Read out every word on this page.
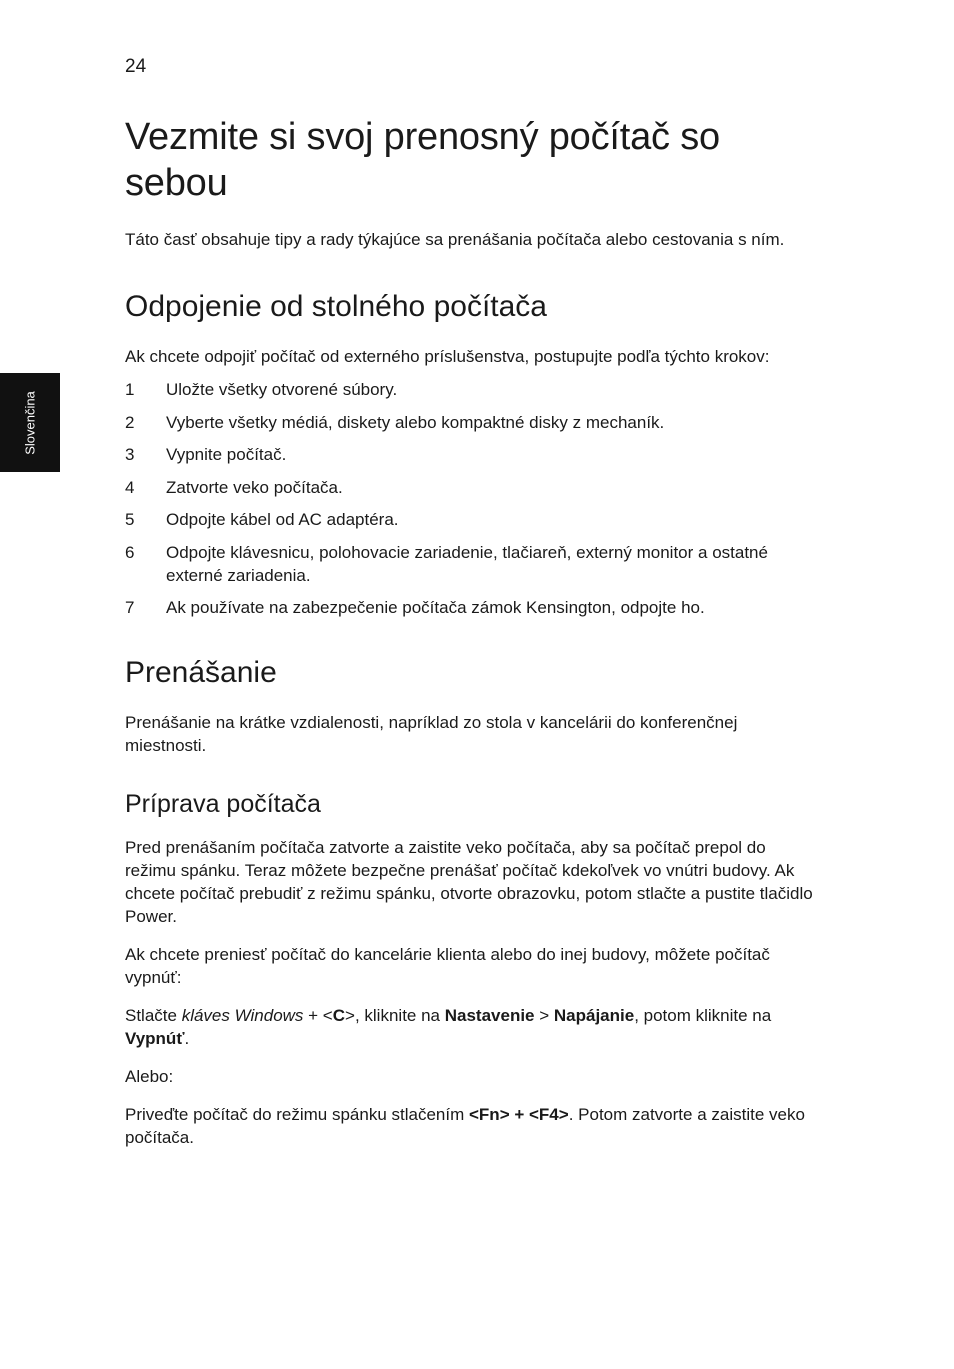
24
Slovenčina
Vezmite si svoj prenosný počítač so sebou

Táto časť obsahuje tipy a rady týkajúce sa prenášania počítača alebo cestovania s ním.

Odpojenie od stolného počítača

Ak chcete odpojiť počítač od externého príslušenstva, postupujte podľa týchto krokov:

1	Uložte všetky otvorené súbory.
2	Vyberte všetky médiá, diskety alebo kompaktné disky z mechaník.
3	Vypnite počítač.
4	Zatvorte veko počítača.
5	Odpojte kábel od AC adaptéra.
6	Odpojte klávesnicu, polohovacie zariadenie, tlačiareň, externý monitor a ostatné externé zariadenia.
7	Ak používate na zabezpečenie počítača zámok Kensington, odpojte ho.
Prenášanie

Prenášanie na krátke vzdialenosti, napríklad zo stola v kancelárii do konferenčnej miestnosti.

Príprava počítača

Pred prenášaním počítača zatvorte a zaistite veko počítača, aby sa počítač prepol do režimu spánku. Teraz môžete bezpečne prenášať počítač kdekoľvek vo vnútri budovy. Ak chcete počítač prebudiť z režimu spánku, otvorte obrazovku, potom stlačte a pustite tlačidlo Power.

Ak chcete preniesť počítač do kancelárie klienta alebo do inej budovy, môžete počítač vypnúť:

Stlačte kláves Windows + <C>, kliknite na Nastavenie > Napájanie, potom kliknite na Vypnúť.

Alebo:

Priveďte počítač do režimu spánku stlačením <Fn> + <F4>. Potom zatvorte a zaistite veko počítača.
